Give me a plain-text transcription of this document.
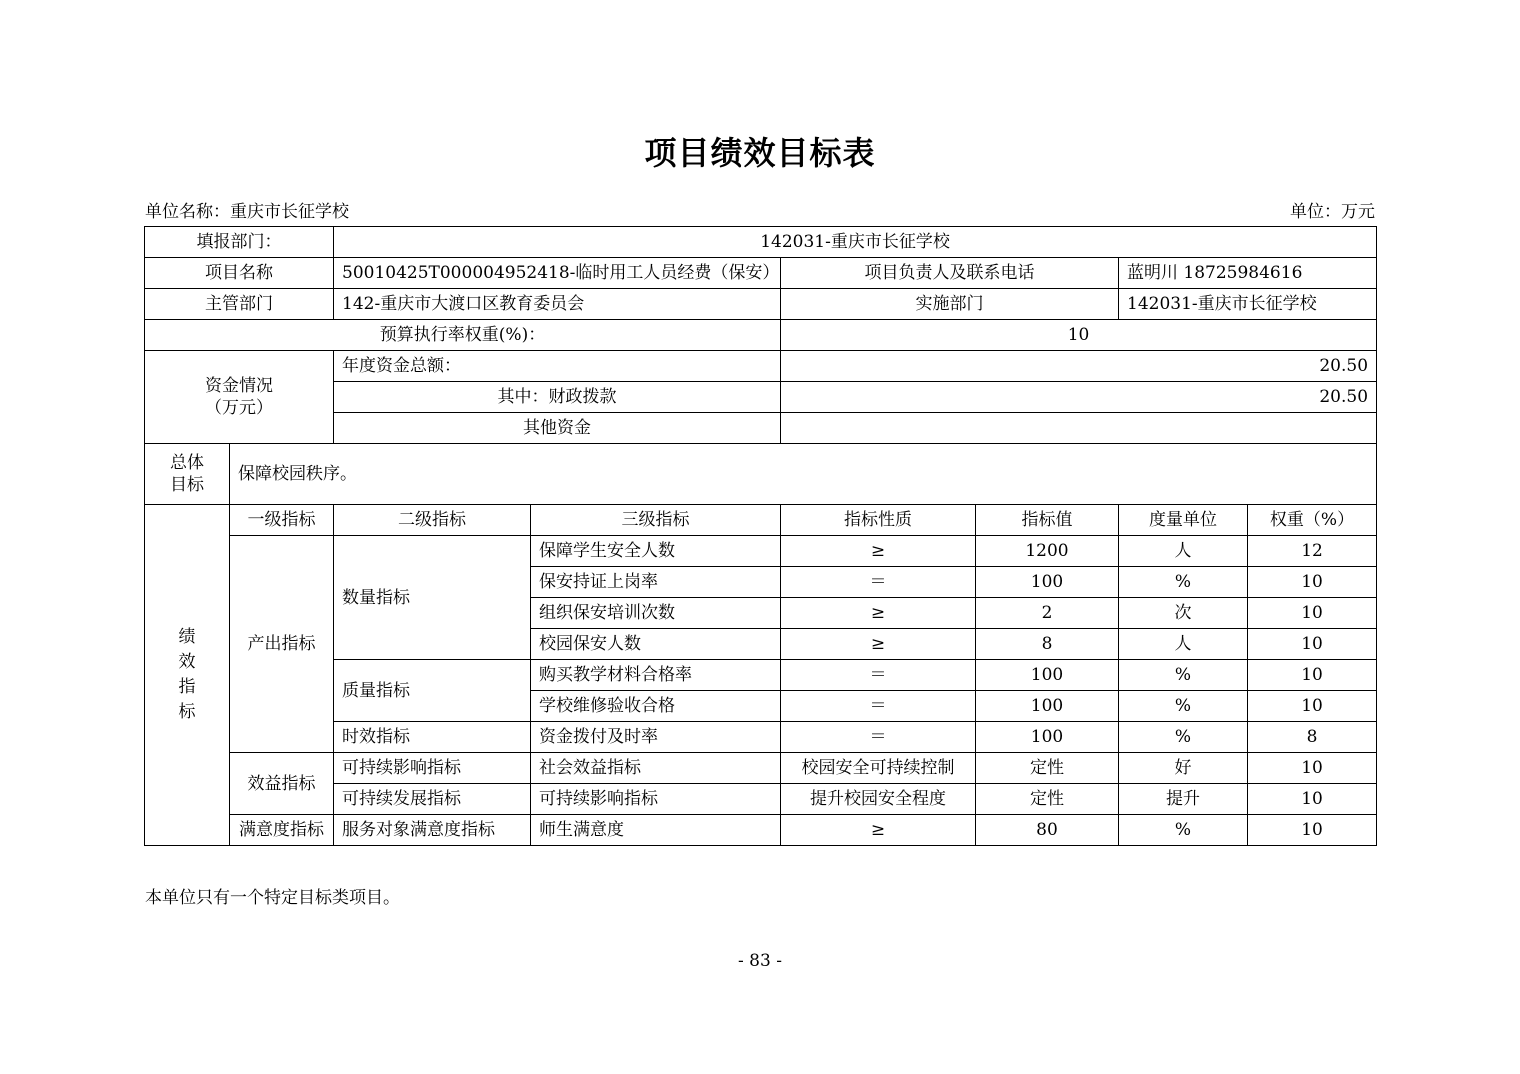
项目绩效目标表
单位名称：重庆市长征学校	单位：万元
填报部门：		142031-重庆市长征学校					
项目名称		50010425T000004952418-临时用工人员经费（保安）		项目负责人及联系电话		蓝明川 18725984616	
主管部门		142-重庆市大渡口区教育委员会		实施部门		142031-重庆市长征学校	
预算执行率权重(%)：				10			

资金情况
（万元）		年度资金总额：		20.50			
		其中：财政拨款		20.50			
		其他资金					

总体
目标	保障校园秩序。						
绩效指标	一级指标	二级指标	三级指标	指标性质	指标值	度量单位	权重（%）
	产出指标	数量指标	保障学生安全人数	≥	1200	人	12
			保安持证上岗率	＝	100	%	10
			组织保安培训次数	≥	2	次	10
			校园保安人数	≥	8	人	10
		质量指标	购买教学材料合格率	＝	100	%	10
			学校维修验收合格	＝	100	%	10
		时效指标	资金拨付及时率	＝	100	%	8
	效益指标	可持续影响指标	社会效益指标	校园安全可持续控制	定性	好	10
		可持续发展指标	可持续影响指标	提升校园安全程度	定性	提升	10
	满意度指标	服务对象满意度指标	师生满意度	≥	80	%	10
本单位只有一个特定目标类项目。
- 83 -
